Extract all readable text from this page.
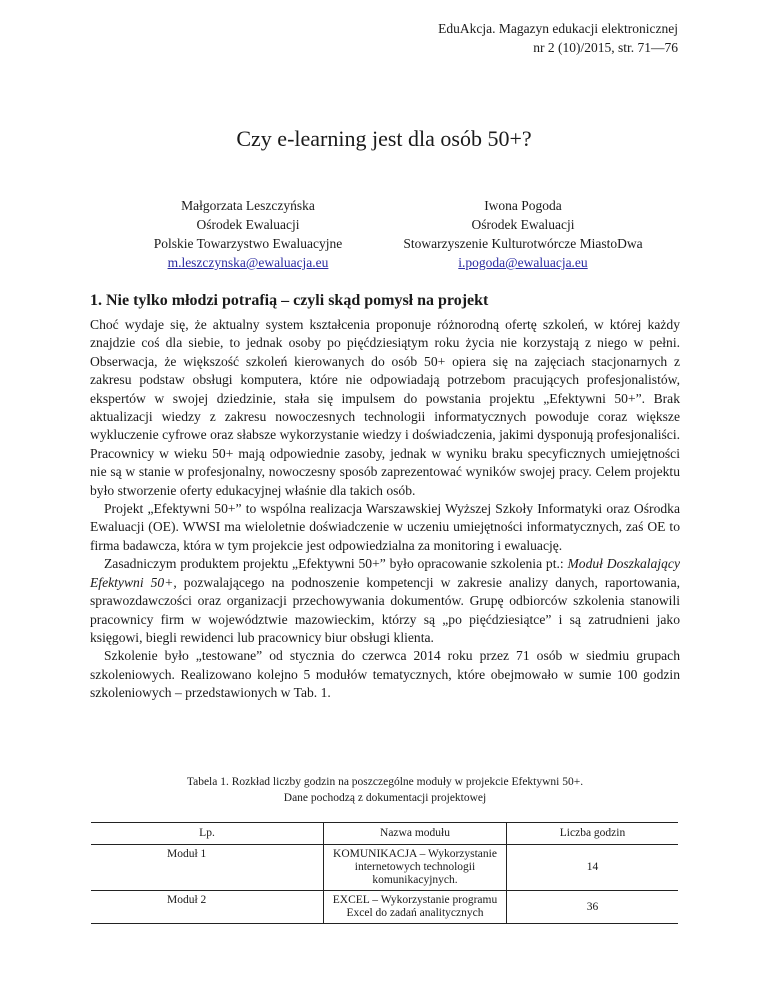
EduAkcja. Magazyn edukacji elektronicznej
nr 2 (10)/2015, str. 71—76
Czy e-learning jest dla osób 50+?
Małgorzata Leszczyńska
Ośrodek Ewaluacji
Polskie Towarzystwo Ewaluacyjne
m.leszczynska@ewaluacja.eu
Iwona Pogoda
Ośrodek Ewaluacji
Stowarzyszenie Kulturotwórcze MiastoDwa
i.pogoda@ewaluacja.eu
1. Nie tylko młodzi potrafią – czyli skąd pomysł na projekt

Choć wydaje się, że aktualny system kształcenia proponuje różnorodną ofertę szkoleń, w której każdy znajdzie coś dla siebie, to jednak osoby po pięćdziesiątym roku życia nie korzystają z niego w pełni. Obserwacja, że większość szkoleń kierowanych do osób 50+ opiera się na zajęciach stacjonarnych z zakresu podstaw obsługi komputera, które nie odpowiadają potrzebom pracujących profesjonalistów, ekspertów w swojej dziedzinie, stała się impulsem do powstania projektu „Efektywni 50+”. Brak aktualizacji wiedzy z zakresu nowoczesnych technologii informatycznych powoduje coraz większe wykluczenie cyfrowe oraz słabsze wykorzystanie wiedzy i doświadczenia, jakimi dysponują profesjonaliści. Pracownicy w wieku 50+ mają odpowiednie zasoby, jednak w wyniku braku specyficznych umiejętności nie są w stanie w profesjonalny, nowoczesny sposób zaprezentować wyników swojej pracy. Celem projektu było stworzenie oferty edukacyjnej właśnie dla takich osób.

Projekt „Efektywni 50+” to wspólna realizacja Warszawskiej Wyższej Szkoły Informatyki oraz Ośrodka Ewaluacji (OE). WWSI ma wieloletnie doświadczenie w uczeniu umiejętności informatycznych, zaś OE to firma badawcza, która w tym projekcie jest odpowiedzialna za monitoring i ewaluację.

Zasadniczym produktem projektu „Efektywni 50+” było opracowanie szkolenia pt.: Moduł Doszkalający Efektywni 50+, pozwalającego na podnoszenie kompetencji w zakresie analizy danych, raportowania, sprawozdawczości oraz organizacji przechowywania dokumentów. Grupę odbiorców szkolenia stanowili pracownicy firm w województwie mazowieckim, którzy są „po pięćdziesiątce” i są zatrudnieni jako księgowi, biegli rewidenci lub pracownicy biur obsługi klienta.

Szkolenie było „testowane” od stycznia do czerwca 2014 roku przez 71 osób w siedmiu grupach szkoleniowych. Realizowano kolejno 5 modułów tematycznych, które obejmowało w sumie 100 godzin szkoleniowych – przedstawionych w Tab. 1.

Tabela 1. Rozkład liczby godzin na poszczególne moduły w projekcie Efektywni 50+.
Dane pochodzą z dokumentacji projektowej
Lp.	Nazwa modułu	Liczba godzin
Moduł 1	KOMUNIKACJA – Wykorzystanie internetowych technologii komunikacyjnych.	14
Moduł 2	EXCEL – Wykorzystanie programu Excel do zadań analitycznych	36
